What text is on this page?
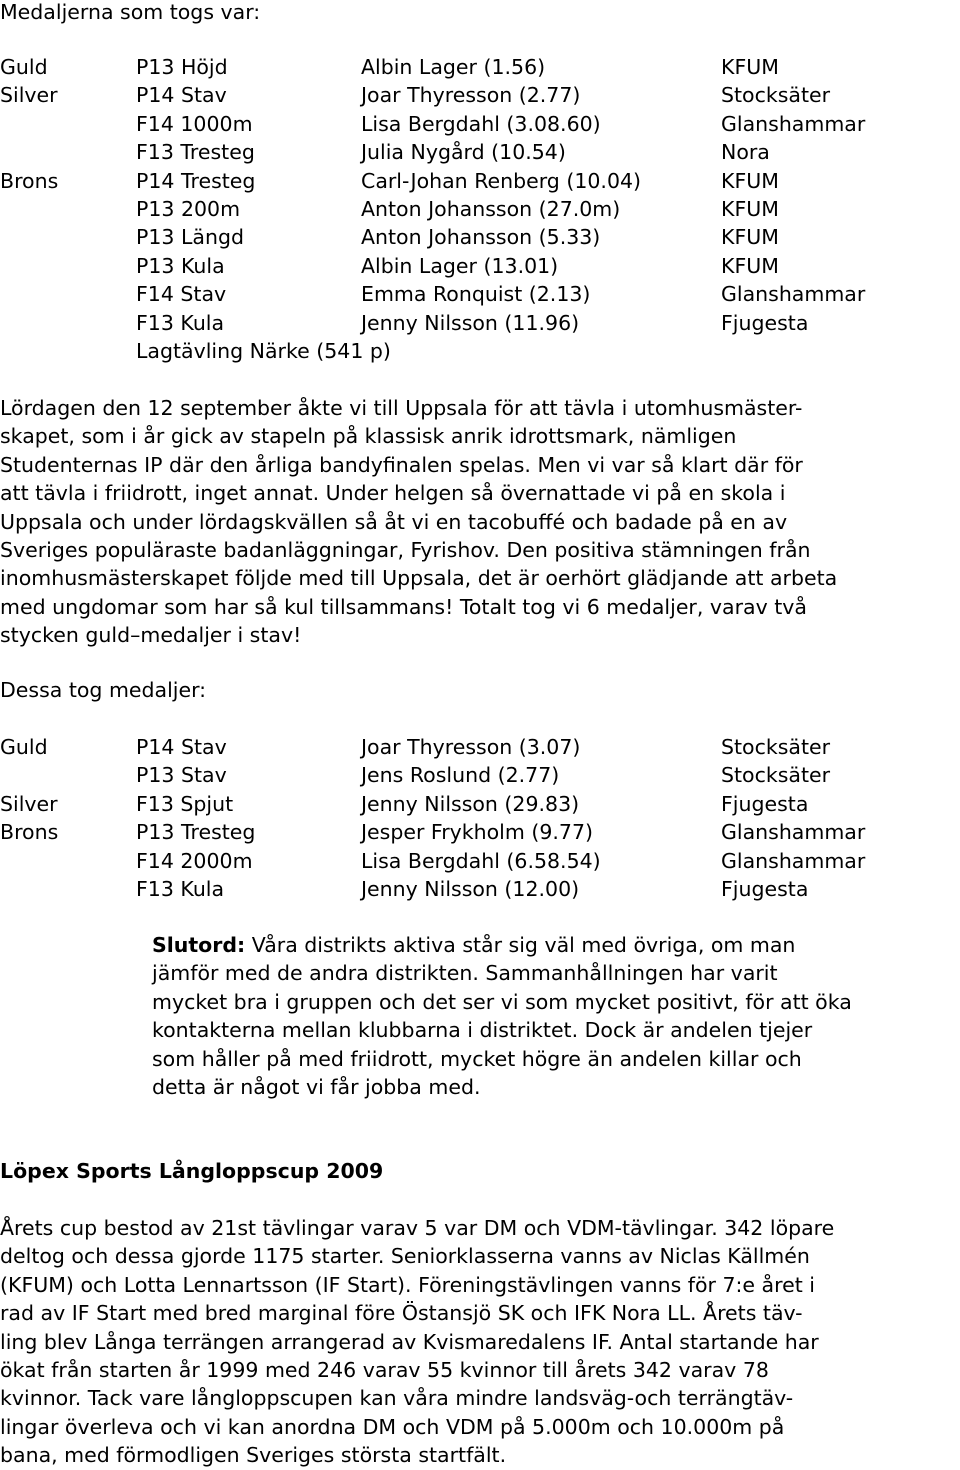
Medaljerna som togs var:
Guld	P13 Höjd	Albin Lager (1.56)	KFUM
Silver	P14 Stav	Joar Thyresson (2.77)	Stocksäter
	F14 1000m	Lisa Bergdahl (3.08.60)	Glanshammar
	F13 Tresteg	Julia Nygård (10.54)	Nora
Brons	P14 Tresteg	Carl-Johan Renberg (10.04)	KFUM
	P13 200m	Anton Johansson (27.0m)	KFUM
	P13 Längd	Anton Johansson (5.33)	KFUM
	P13 Kula	Albin Lager (13.01)	KFUM
	F14 Stav	Emma Ronquist (2.13)	Glanshammar
	F13 Kula	Jenny Nilsson (11.96)	Fjugesta
Lagtävling Närke (541 p)
Lördagen den 12 september åkte vi till Uppsala för att tävla i utomhusmäster-
skapet, som i år gick av stapeln på klassisk anrik idrottsmark, nämligen
Studenternas IP där den årliga bandyfinalen spelas. Men vi var så klart där för
att tävla i friidrott, inget annat. Under helgen så övernattade vi på en skola i
Uppsala och under lördagskvällen så åt vi en tacobuffé och badade på en av
Sveriges populäraste badanläggningar, Fyrishov. Den positiva stämningen från
inomhusmästerskapet följde med till Uppsala, det är oerhört glädjande att arbeta
med ungdomar som har så kul tillsammans! Totalt tog vi 6 medaljer, varav två
stycken guld–medaljer i stav!
Dessa tog medaljer:
Guld	P14 Stav	Joar Thyresson (3.07)	Stocksäter
	P13 Stav	Jens Roslund (2.77)	Stocksäter
Silver	F13 Spjut	Jenny Nilsson (29.83)	Fjugesta
Brons	P13 Tresteg	Jesper Frykholm (9.77)	Glanshammar
	F14 2000m	Lisa Bergdahl (6.58.54)	Glanshammar
	F13 Kula	Jenny Nilsson (12.00)	Fjugesta
Slutord: Våra distrikts aktiva står sig väl med övriga, om man
jämför med de andra distrikten. Sammanhållningen har varit
mycket bra i gruppen och det ser vi som mycket positivt, för att öka
kontakterna mellan klubbarna i distriktet. Dock är andelen tjejer
som håller på med friidrott, mycket högre än andelen killar och
detta är något vi får jobba med.
Löpex Sports Långloppscup 2009
Årets cup bestod av 21st tävlingar varav 5 var DM och VDM-tävlingar. 342 löpare
deltog och dessa gjorde 1175 starter. Seniorklasserna vanns av Niclas Källmén
(KFUM) och Lotta Lennartsson (IF Start). Föreningstävlingen vanns för 7:e året i
rad av IF Start med bred marginal före Östansjö SK och IFK Nora LL. Årets täv-
ling blev Långa terrängen arrangerad av Kvismaredalens IF. Antal startande har
ökat från starten år 1999 med 246 varav 55 kvinnor till årets 342 varav 78
kvinnor. Tack vare långloppscupen kan våra mindre landsväg-och terrängtäv-
lingar överleva och vi kan anordna DM och VDM på 5.000m och 10.000m på
bana, med förmodligen Sveriges största startfält.
